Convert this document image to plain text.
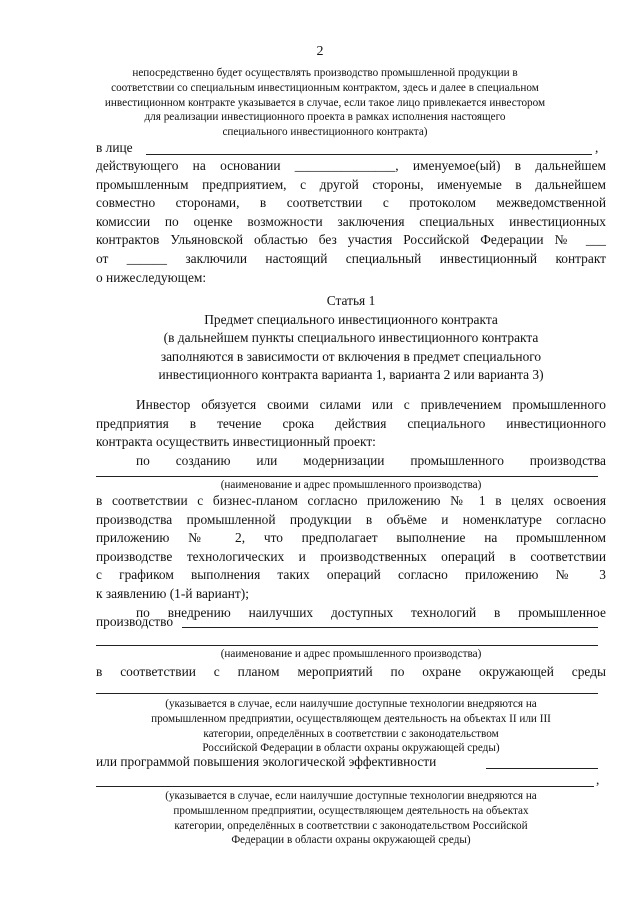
2
непосредственно будет осуществлять производство промышленной продукции в
соответствии со специальным инвестиционным контрактом, здесь и далее в специальном
инвестиционном контракте указывается в случае, если такое лицо привлекается инвестором
для реализации инвестиционного проекта в рамках исполнения настоящего
специального инвестиционного контракта)
в лице	,
действующего на основании _______________, именуемое(ый) в дальнейшем
промышленным предприятием, с другой стороны, именуемые в дальнейшем
совместно сторонами, в соответствии с протоколом межведомственной
комиссии по оценке возможности заключения специальных инвестиционных
контрактов Ульяновской областью без участия Российской Федерации № ___
от ______ заключили настоящий специальный инвестиционный контракт
о нижеследующем:
Статья 1
Предмет специального инвестиционного контракта
(в дальнейшем пункты специального инвестиционного контракта
заполняются в зависимости от включения в предмет специального
инвестиционного контракта варианта 1, варианта 2 или варианта 3)
Инвестор обязуется своими силами или с привлечением промышленного
предприятия в течение срока действия специального инвестиционного
контракта осуществить инвестиционный проект:
по созданию или модернизации промышленного производства
(наименование и адрес промышленного производства)
в соответствии с бизнес-планом согласно приложению № 1 в целях освоения
производства промышленной продукции в объёме и номенклатуре согласно
приложению № 2, что предполагает выполнение на промышленном
производстве технологических и производственных операций в соответствии
с графиком выполнения таких операций согласно приложению № 3
к заявлению (1-й вариант);
по внедрению наилучших доступных технологий в промышленное
производство
(наименование и адрес промышленного производства)
в соответствии с планом мероприятий по охране окружающей среды
(указывается в случае, если наилучшие доступные технологии внедряются на
промышленном предприятии, осуществляющем деятельность на объектах II или III
категории, определённых в соответствии с законодательством
Российской Федерации в области охраны окружающей среды)
или программой повышения экологической эффективности
,
(указывается в случае, если наилучшие доступные технологии внедряются на
промышленном предприятии, осуществляющем деятельность на объектах
категории, определённых в соответствии с законодательством Российской
Федерации в области охраны окружающей среды)
